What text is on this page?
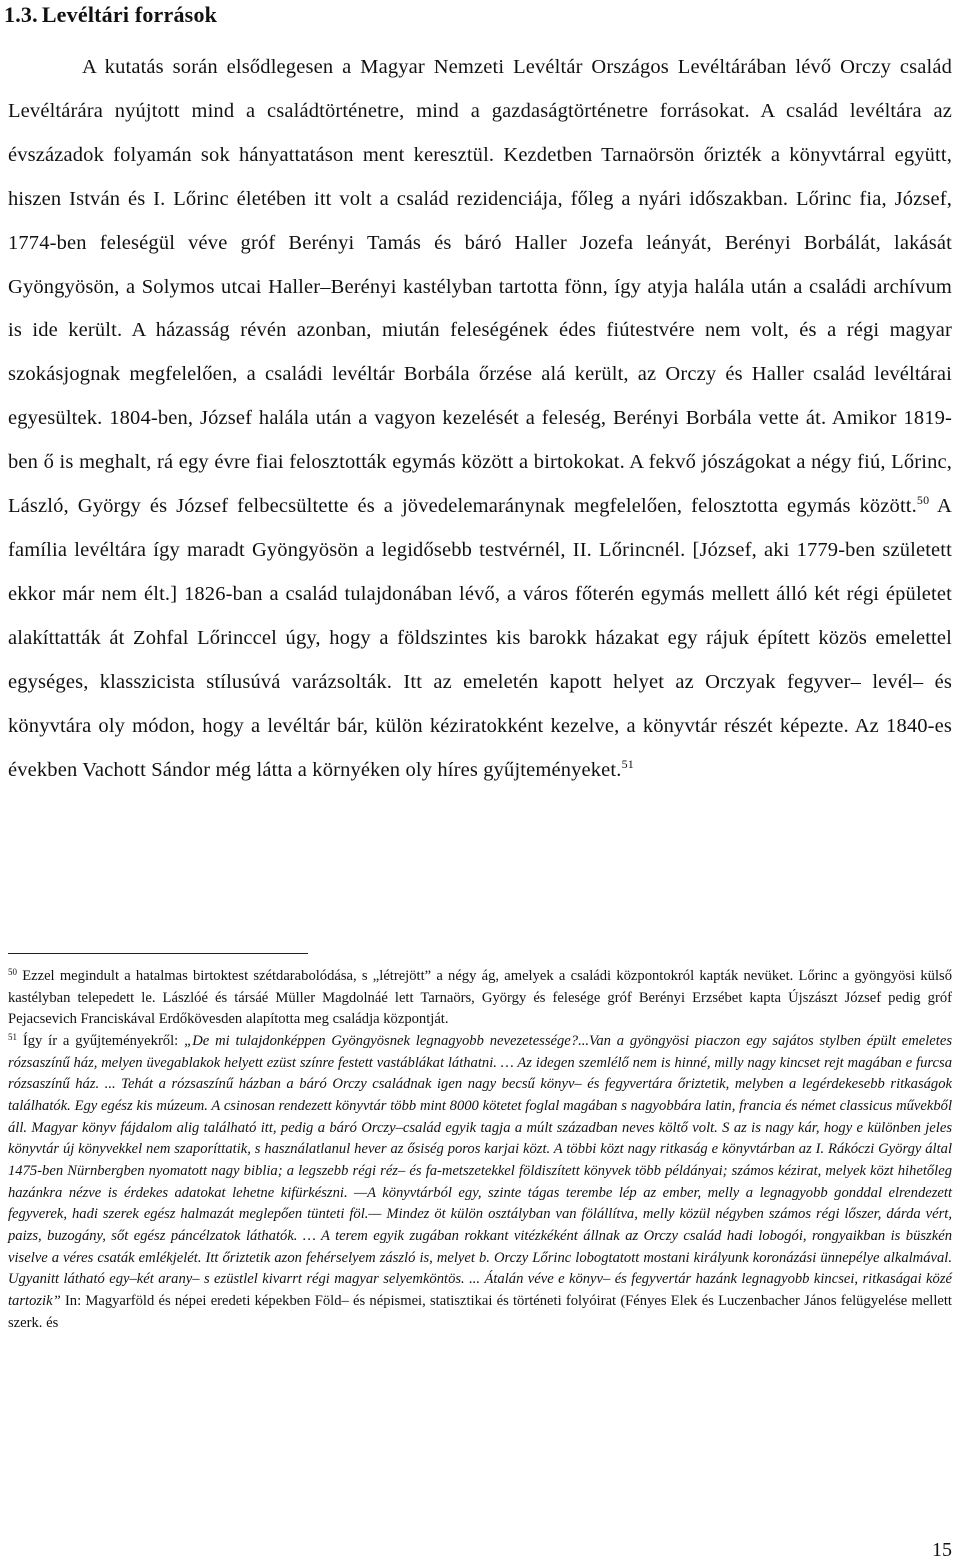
1.3. Levéltári források

A kutatás során elsődlegesen a Magyar Nemzeti Levéltár Országos Levéltárában lévő Orczy család Levéltárára nyújtott mind a családtörténetre, mind a gazdaságtörténetre forrásokat. A család levéltára az évszázadok folyamán sok hányattatáson ment keresztül. Kezdetben Tarnaörsön őrizték a könyvtárral együtt, hiszen István és I. Lőrinc életében itt volt a család rezidenciája, főleg a nyári időszakban. Lőrinc fia, József, 1774-ben feleségül véve gróf Berényi Tamás és báró Haller Jozefa leányát, Berényi Borbálát, lakását Gyöngyösön, a Solymos utcai Haller–Berényi kastélyban tartotta fönn, így atyja halála után a családi archívum is ide került. A házasság révén azonban, miután feleségének édes fiútestvére nem volt, és a régi magyar szokásjognak megfelelően, a családi levéltár Borbála őrzése alá került, az Orczy és Haller család levéltárai egyesültek. 1804-ben, József halála után a vagyon kezelését a feleség, Berényi Borbála vette át. Amikor 1819-ben ő is meghalt, rá egy évre fiai felosztották egymás között a birtokokat. A fekvő jószágokat a négy fiú, Lőrinc, László, György és József felbecsültette és a jövedelemaránynak megfelelően, felosztotta egymás között.$^{50}$ A família levéltára így maradt Gyöngyösön a legidősebb testvérnél, II. Lőrincnél. [József, aki 1779-ben született ekkor már nem élt.] 1826-ban a család tulajdonában lévő, a város főterén egymás mellett álló két régi épületet alakíttatták át Zohfal Lőrinccel úgy, hogy a földszintes kis barokk házakat egy rájuk épített közös emelettel egységes, klasszicista stílusúvá varázsolták. Itt az emeletén kapott helyet az Orczyak fegyver– levél– és könyvtára oly módon, hogy a levéltár bár, külön kéziratokként kezelve, a könyvtár részét képezte. Az 1840-es években Vachott Sándor még látta a környéken oly híres gyűjteményeket.$^{51}$

$^{50}$ Ezzel megindult a hatalmas birtoktest szétdarabolódása, s „létrejött” a négy ág, amelyek a családi központokról kapták nevüket. Lőrinc a gyöngyösi külső kastélyban telepedett le. Lászlóé és társáé Müller Magdolnáé lett Tarnaörs, György és felesége gróf Berényi Erzsébet kapta Újszászt József pedig gróf Pejacsevich Franciskával Erdőkövesden alapította meg családja központját.

$^{51}$ Így ír a gyűjteményekről: „De mi tulajdonképpen Gyöngyösnek legnagyobb nevezetessége?...Van a gyöngyösi piaczon egy sajátos stylben épült emeletes rózsaszínű ház, melyen üvegablakok helyett ezüst színre festett vastáblákat láthatni. … Az idegen szemlélő nem is hinné, milly nagy kincset rejt magában e furcsa rózsaszínű ház. ... Tehát a rózsaszínű házban a báró Orczy családnak igen nagy becsű könyv– és fegyvertára őriztetik, melyben a legérdekesebb ritkaságok találhatók. Egy egész kis múzeum. A csinosan rendezett könyvtár több mint 8000 kötetet foglal magában s nagyobbára latin, francia és német classicus művekből áll. Magyar könyv fájdalom alig található itt, pedig a báró Orczy–család egyik tagja a múlt században neves költő volt. S az is nagy kár, hogy e különben jeles könyvtár új könyvekkel nem szaporíttatik, s használatlanul hever az ősiség poros karjai közt. A többi közt nagy ritkaság e könyvtárban az I. Rákóczi György által 1475-ben Nürnbergben nyomatott nagy biblia; a legszebb régi réz– és fa-metszetekkel földiszített könyvek több példányai; számos kézirat, melyek közt hihetőleg hazánkra nézve is érdekes adatokat lehetne kifürkészni. —A könyvtárból egy, szinte tágas terembe lép az ember, melly a legnagyobb gonddal elrendezett fegyverek, hadi szerek egész halmazát meglepően tünteti föl.— Mindez öt külön osztályban van föláll​ítva, melly közül négyben számos régi lőszer, dárda vért, paizs, buzogány, sőt egész páncélzatok láthatók. … A terem egyik zugában rokkant vitézkéként állnak az Orczy család hadi lobogói, rongyaikban is büszkén viselve a véres csaták emlékjelét. Itt őriztetik azon fehérselyem zászló is, melyet b. Orczy Lőrinc lobogtatott mostani királyunk koronázási ünnepélye alkalmával. Ugyanitt látható egy–két arany– s ezüstlel kivarrt régi magyar selyemköntös. ... Átalán véve e könyv– és fegyvertár hazánk legnagyobb kincsei, ritkaságai közé tartozik” In: Magyarföld és népei eredeti képekben Föld– és népismei, statisztikai és történeti folyóirat (Fényes Elek és Luczenbacher János felügyelése mellett szerk. és

15
